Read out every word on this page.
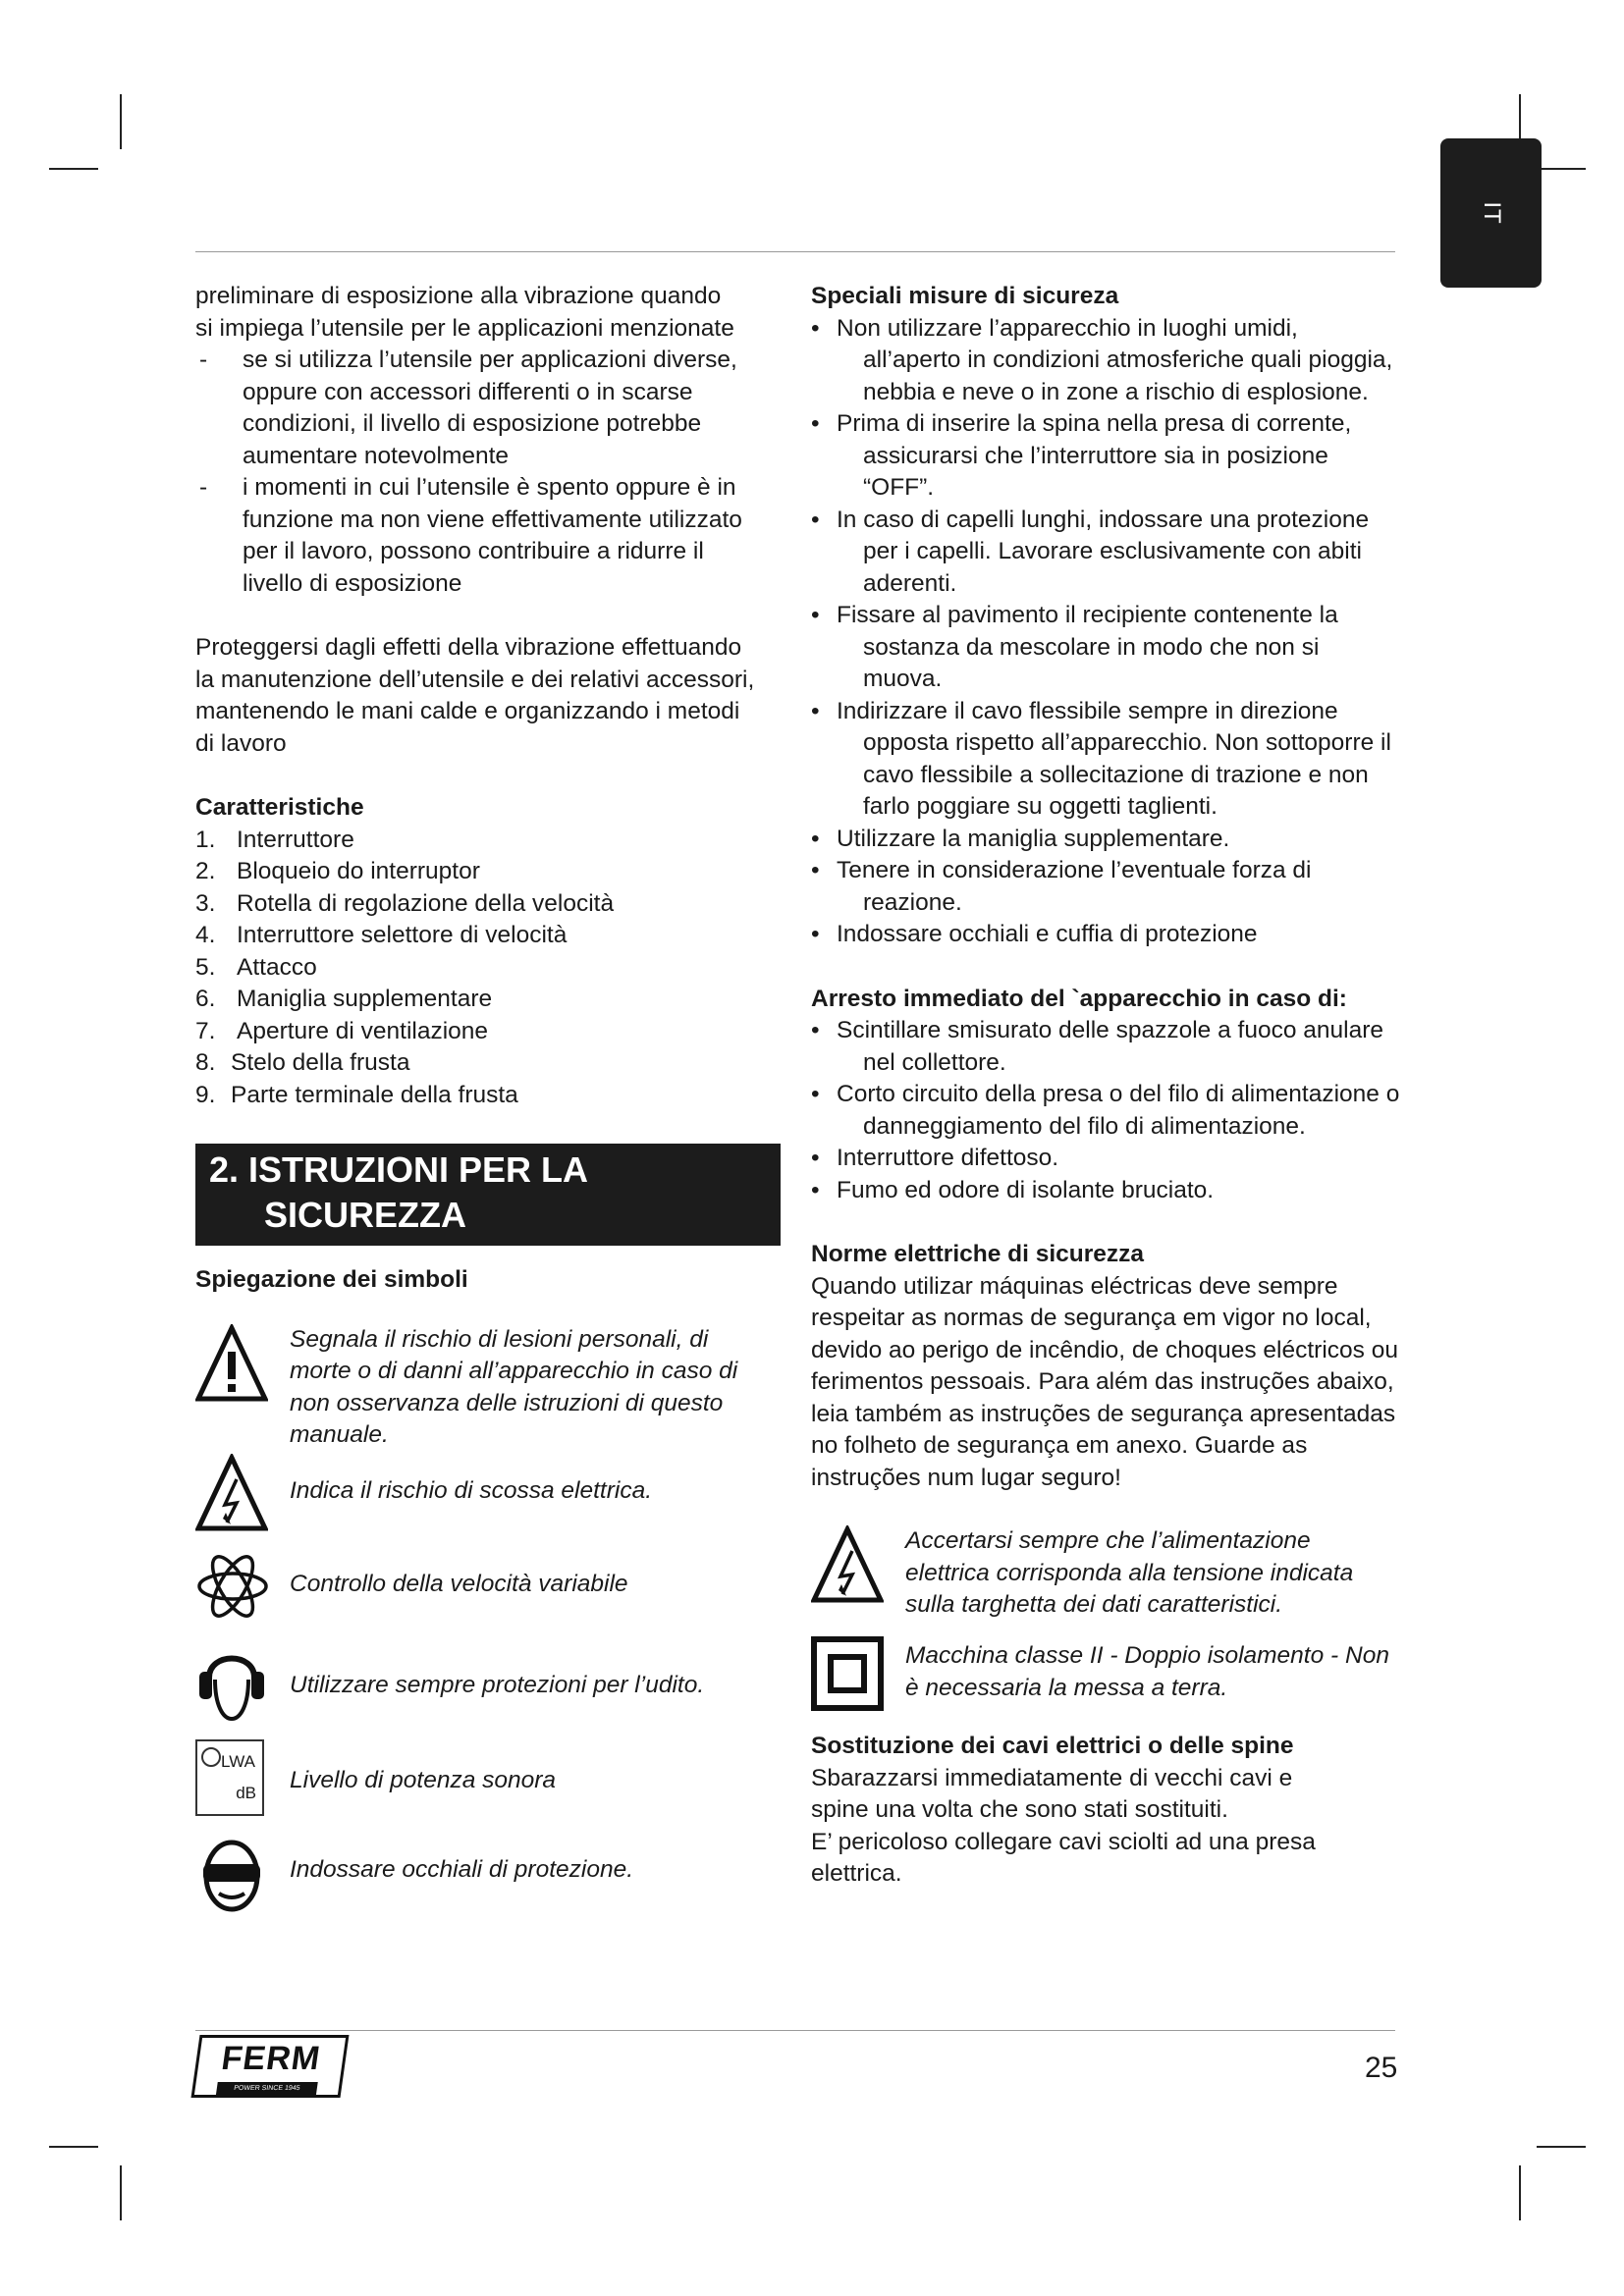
IT

preliminare di esposizione alla vibrazione quando

si impiega l’utensile per le applicazioni menzionate

- se si utilizza l’utensile per applicazioni diverse, oppure con accessori differenti o in scarse condizioni, il livello di esposizione potrebbe aumentare notevolmente
- i momenti in cui l’utensile è spento oppure è in funzione ma non viene effettivamente utilizzato per il lavoro, possono contribuire a ridurre il livello di esposizione

Proteggersi dagli effetti della vibrazione effettuando la manutenzione dell’utensile e dei relativi accessori, mantenendo le mani calde e organizzando i metodi di lavoro

Caratteristiche

1. Interruttore
2. Bloqueio do interruptor
3. Rotella di regolazione della velocità
4. Interruttore selettore di velocità
5. Attacco
6. Maniglia supplementare
7. Aperture di ventilazione
8. Stelo della frusta
9. Parte terminale della frusta
2. ISTRUZIONI PER LA
SICUREZZA

Spiegazione dei simboli

Segnala il rischio di lesioni personali, di morte o di danni all’apparecchio in caso di non osservanza delle istruzioni di questo manuale.
Indica il rischio di scossa elettrica.
Controllo della velocità variabile
Utilizzare sempre protezioni per l’udito.
LWA
dB	Livello di potenza sonora
Indossare occhiali di protezione.

Speciali misure di sicureza

• Non utilizzare l’apparecchio in luoghi umidi, all’aperto in condizioni atmosferiche quali pioggia, nebbia e neve o in zone a rischio di esplosione.
• Prima di inserire la spina nella presa di corrente, assicurarsi che l’interruttore sia in posizione “OFF”.
• In caso di capelli lunghi, indossare una protezione per i capelli. Lavorare esclusivamente con abiti aderenti.
• Fissare al pavimento il recipiente contenente la sostanza da mescolare in modo che non si muova.
• Indirizzare il cavo flessibile sempre in direzione opposta rispetto all’apparecchio. Non sottoporre il cavo flessibile a sollecitazione di trazione e non farlo poggiare su oggetti taglienti.
• Utilizzare la maniglia supplementare.
• Tenere in considerazione l’eventuale forza di reazione.
• Indossare occhiali e cuffia di protezione

Arresto immediato del `apparecchio in caso di:

• Scintillare smisurato delle spazzole a fuoco anulare nel collettore.
• Corto circuito della presa o del filo di alimentazione o danneggiamento del filo di alimentazione.
• Interruttore difettoso.
• Fumo ed odore di isolante bruciato.

Norme elettriche di sicurezza

Quando utilizar máquinas eléctricas deve sempre respeitar as normas de segurança em vigor no local, devido ao perigo de incêndio, de choques eléctricos ou ferimentos pessoais. Para além das instruções abaixo, leia também as instruções de segurança apresentadas no folheto de segurança em anexo. Guarde as instruções num lugar seguro!

Accertarsi sempre che l’alimentazione elettrica corrisponda alla tensione indicata sulla targhetta dei dati caratteristici.
Macchina classe II - Doppio isolamento - Non è necessaria la messa a terra.

Sostituzione dei cavi elettrici o delle spine

Sbarazzarsi immediatamente di vecchi cavi e

spine una volta che sono stati sostituiti.

E’ pericoloso collegare cavi sciolti ad una presa

elettrica.

FERM
POWER SINCE 1945
25
